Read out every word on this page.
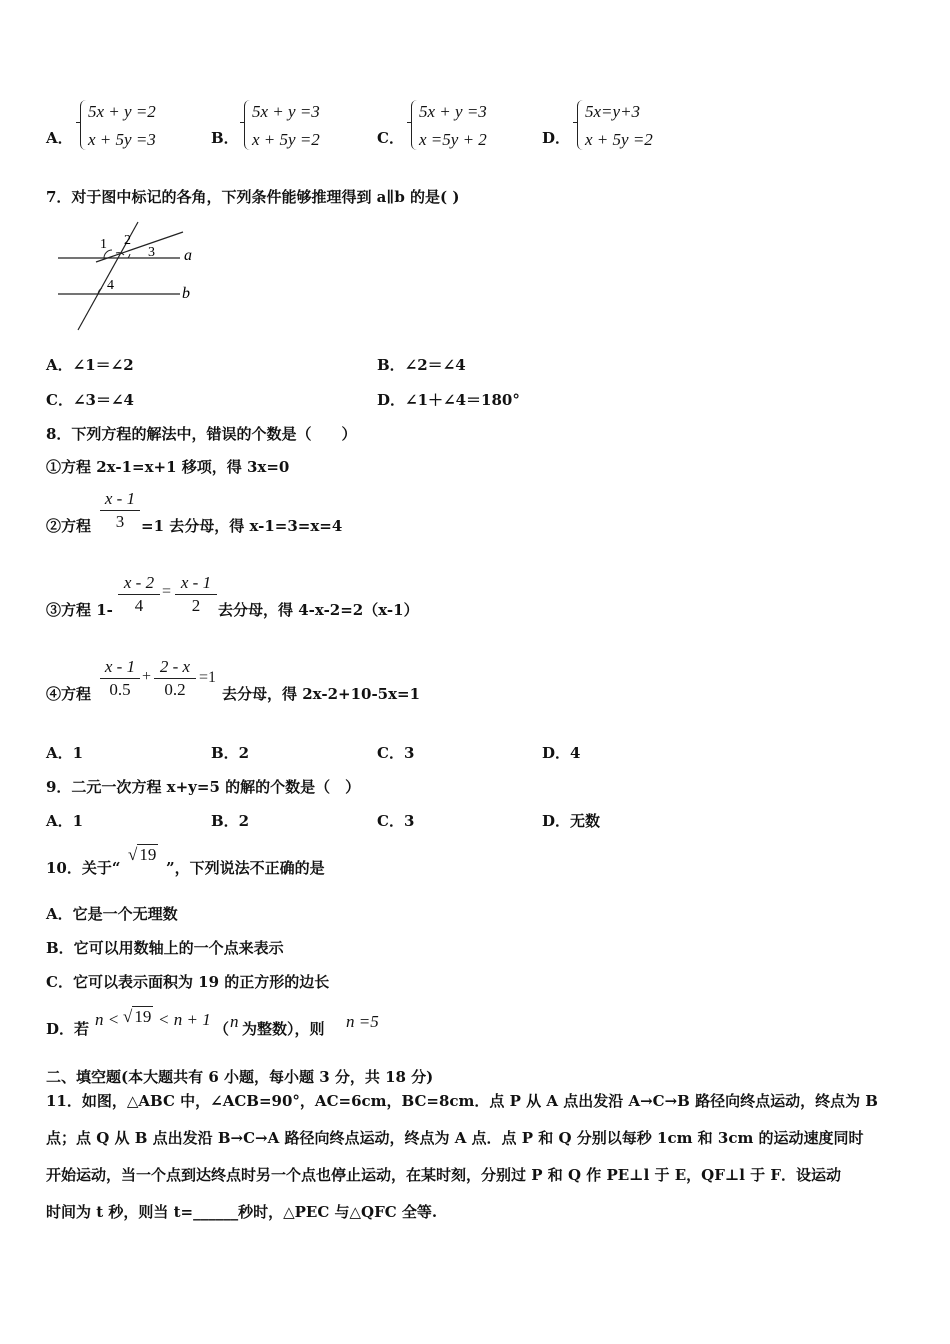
A．
5x + y =2
x + 5y =3	B．
5x + y =3
x + 5y =2	C．
5x + y =3
x =5y + 2	D．
5x=y+3
x + 5y =2
7．对于图中标记的各角，下列条件能够推理得到 a∥b 的是( )
1 2
3
4
a
b
A．∠1＝∠2	B．∠2＝∠4
C．∠3＝∠4	D．∠1＋∠4＝180°
8．下列方程的解法中，错误的个数是（　　）
①方程 2x-1=x+1 移项，得 3x=0
②方程 $\frac{x - 1}{3} =1$ 去分母，得 x-1=3=x=4
③方程 $1- \frac{x - 2}{4} = \frac{x - 1}{2}$ 去分母，得 4-x-2=2（x-1）
④方程 $\frac{x - 1}{0.5} + \frac{2 - x}{0.2} =1$
去分母，得 2x-2+10-5x=1
A．1	B．2	C．3	D．4
9．二元一次方程 x+y=5 的解的个数是（　）
A．1	B．2	C．3	D．无数
10．关于“
√ 19
”，下列说法不正确的是
A．它是一个无理数
B．它可以用数轴上的一个点来表示
C．它可以表示面积为 19 的正方形的边长
D．若 n < √ 19 < n + 1 （ n 为整数），则 n =5
二、填空题(本大题共有 6 小题，每小题 3 分，共 18 分)
11．如图，△ABC 中，∠ACB=90°，AC=6cm，BC=8cm．点 P 从 A 点出发沿 A→C→B 路径向终点运动，终点为 B
点；点 Q 从 B 点出发沿 B→C→A 路径向终点运动，终点为 A 点．点 P 和 Q 分别以每秒 1cm 和 3cm 的运动速度同时
开始运动，当一个点到达终点时另一个点也停止运动，在某时刻，分别过 P 和 Q 作 PE⊥l 于 E，QF⊥l 于 F．设运动
时间为 t 秒，则当 t=______秒时，△PEC 与△QFC 全等.
